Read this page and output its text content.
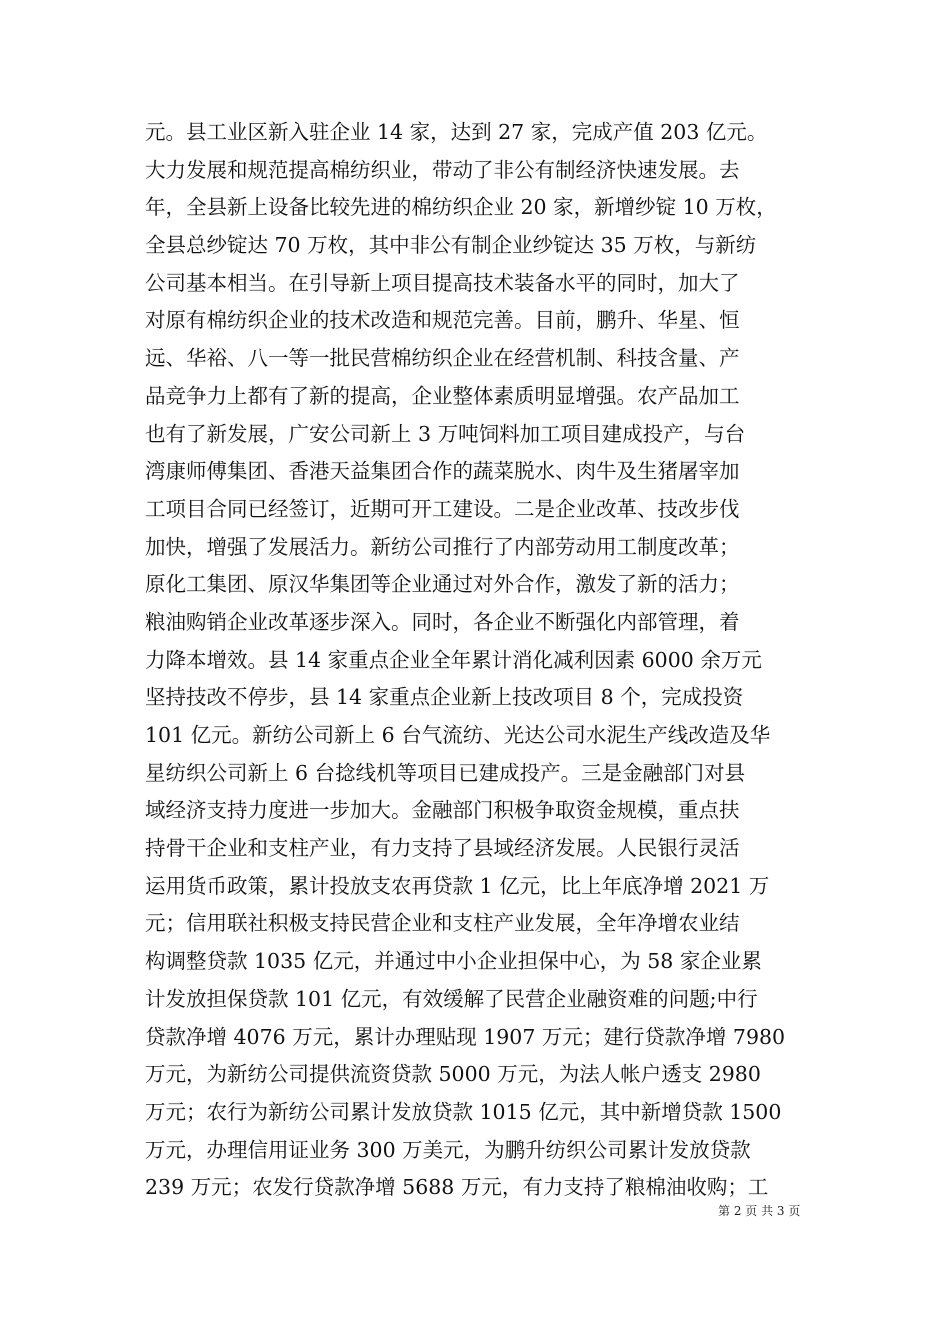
元。县工业区新入驻企业 14 家，达到 27 家，完成产值 203 亿元。
大力发展和规范提高棉纺织业，带动了非公有制经济快速发展。去
年，全县新上设备比较先进的棉纺织企业 20 家，新增纱锭 10 万枚，
全县总纱锭达 70 万枚，其中非公有制企业纱锭达 35 万枚，与新纺
公司基本相当。在引导新上项目提高技术装备水平的同时，加大了
对原有棉纺织企业的技术改造和规范完善。目前，鹏升、华星、恒
远、华裕、八一等一批民营棉纺织企业在经营机制、科技含量、产
品竞争力上都有了新的提高，企业整体素质明显增强。农产品加工
也有了新发展，广安公司新上 3 万吨饲料加工项目建成投产，与台
湾康师傅集团、香港天益集团合作的蔬菜脱水、肉牛及生猪屠宰加
工项目合同已经签订，近期可开工建设。二是企业改革、技改步伐
加快，增强了发展活力。新纺公司推行了内部劳动用工制度改革；
原化工集团、原汉华集团等企业通过对外合作，激发了新的活力；
粮油购销企业改革逐步深入。同时，各企业不断强化内部管理，着
力降本增效。县 14 家重点企业全年累计消化减利因素 6000 余万元
坚持技改不停步，县 14 家重点企业新上技改项目 8 个，完成投资
101 亿元。新纺公司新上 6 台气流纺、光达公司水泥生产线改造及华
星纺织公司新上 6 台捻线机等项目已建成投产。三是金融部门对县
域经济支持力度进一步加大。金融部门积极争取资金规模，重点扶
持骨干企业和支柱产业，有力支持了县域经济发展。人民银行灵活
运用货币政策，累计投放支农再贷款 1 亿元，比上年底净增 2021 万
元；信用联社积极支持民营企业和支柱产业发展，全年净增农业结
构调整贷款 1035 亿元，并通过中小企业担保中心，为 58 家企业累
计发放担保贷款 101 亿元，有效缓解了民营企业融资难的问题;中行
贷款净增 4076 万元，累计办理贴现 1907 万元；建行贷款净增 7980
万元，为新纺公司提供流资贷款 5000 万元，为法人帐户透支 2980
万元；农行为新纺公司累计发放贷款 1015 亿元，其中新增贷款 1500
万元，办理信用证业务 300 万美元，为鹏升纺织公司累计发放贷款
239 万元；农发行贷款净增 5688 万元，有力支持了粮棉油收购；工
第 2 页 共 3 页
